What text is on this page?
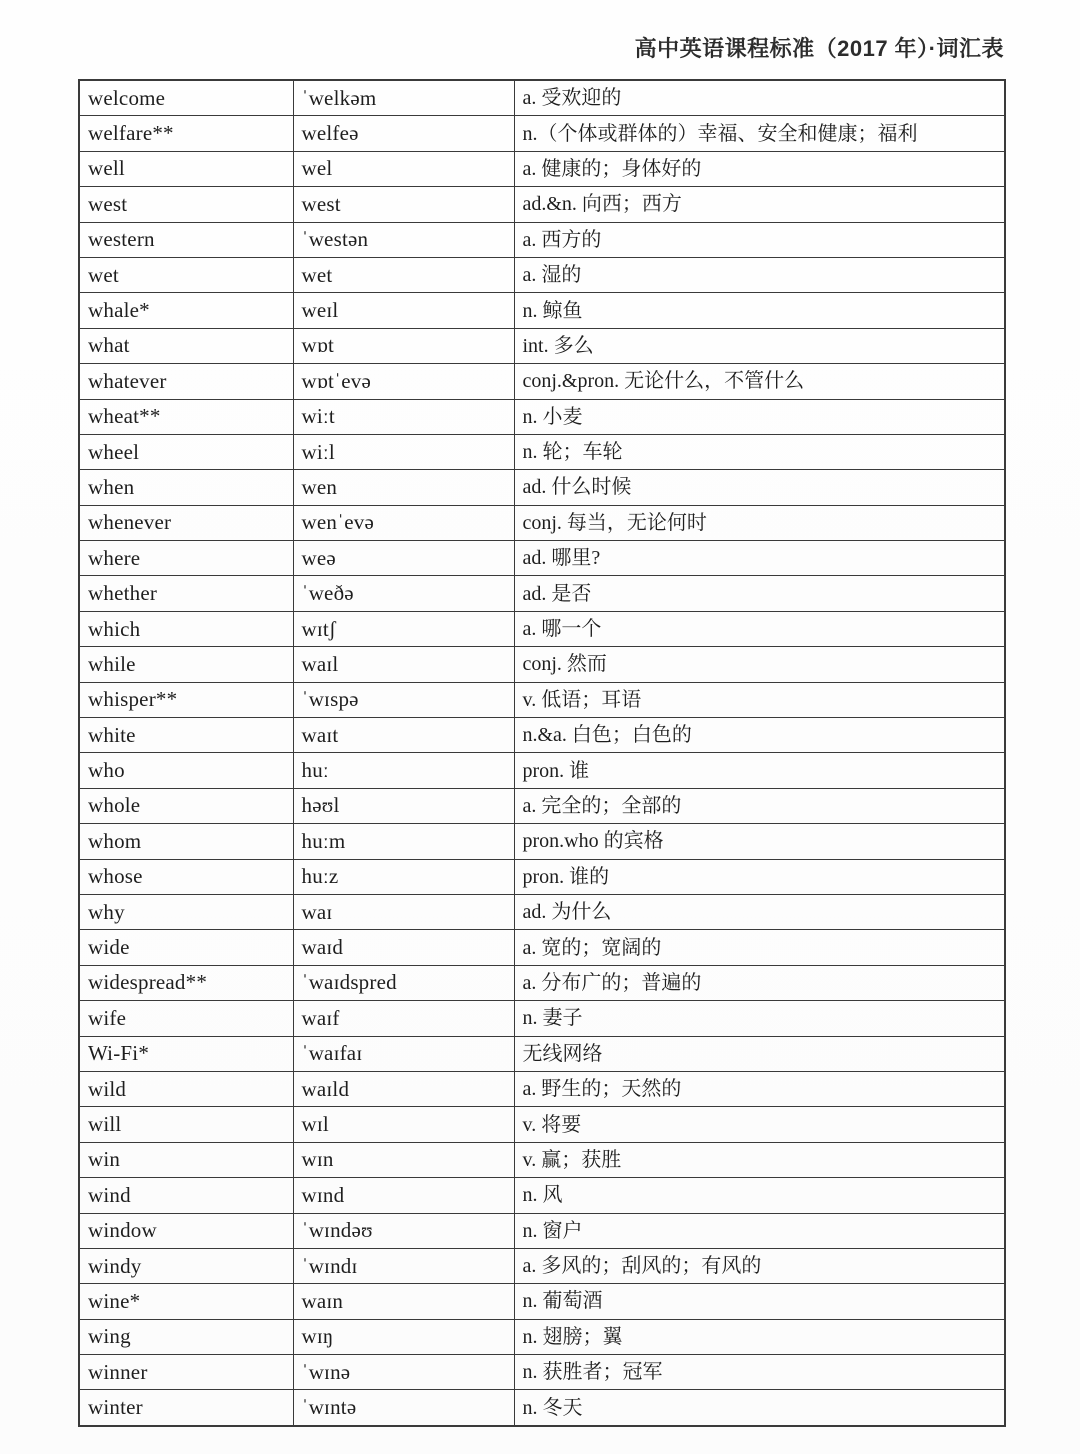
高中英语课程标准（2017 年）·词汇表
welcome	ˈwelkəm	a. 受欢迎的
welfare**	welfeə	n.（个体或群体的）幸福、安全和健康；福利
well	wel	a. 健康的；身体好的
west	west	ad.&n. 向西；西方
western	ˈwestən	a. 西方的
wet	wet	a. 湿的
whale*	weɪl	n. 鲸鱼
what	wɒt	int. 多么
whatever	wɒtˈevə	conj.&pron. 无论什么，不管什么
wheat**	wiːt	n. 小麦
wheel	wiːl	n. 轮；车轮
when	wen	ad. 什么时候
whenever	wenˈevə	conj. 每当，无论何时
where	weə	ad. 哪里?
whether	ˈweðə	ad. 是否
which	wɪtʃ	a. 哪一个
while	waɪl	conj. 然而
whisper**	ˈwɪspə	v. 低语；耳语
white	waɪt	n.&a. 白色；白色的
who	huː	pron. 谁
whole	həʊl	a. 完全的；全部的
whom	huːm	pron.who 的宾格
whose	huːz	pron. 谁的
why	waɪ	ad. 为什么
wide	waɪd	a. 宽的；宽阔的
widespread**	ˈwaɪdspred	a. 分布广的；普遍的
wife	waɪf	n. 妻子
Wi-Fi*	ˈwaɪfaɪ	无线网络
wild	waɪld	a. 野生的；天然的
will	wɪl	v. 将要
win	wɪn	v. 赢；获胜
wind	wɪnd	n. 风
window	ˈwɪndəʊ	n. 窗户
windy	ˈwɪndɪ	a. 多风的；刮风的；有风的
wine*	waɪn	n. 葡萄酒
wing	wɪŋ	n. 翅膀；翼
winner	ˈwɪnə	n. 获胜者；冠军
winter	ˈwɪntə	n. 冬天
